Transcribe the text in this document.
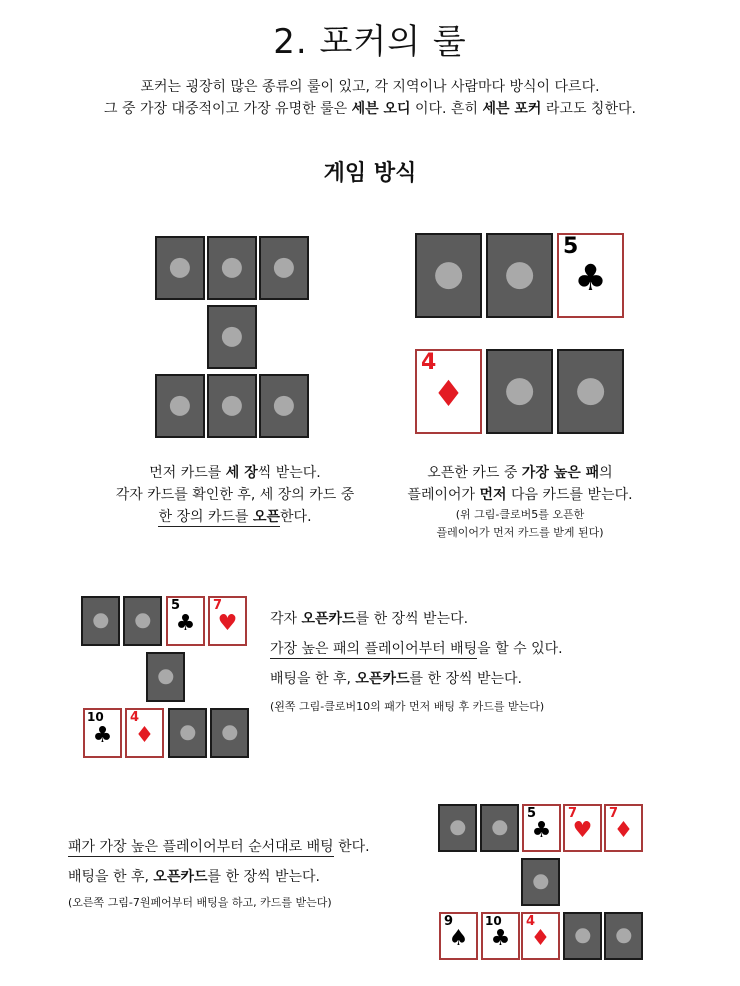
2. 포커의 룰
포커는 굉장히 많은 종류의 룰이 있고, 각 지역이나 사람마다 방식이 다르다.
그 중 가장 대중적이고 가장 유명한 룰은 세븐 오디 이다. 흔히 세븐 포커 라고도 칭한다.
게임 방식
5
♣
4
♦
먼저 카드를 세 장씩 받는다.
각자 카드를 확인한 후, 세 장의 카드 중
한 장의 카드를 오픈한다.
오픈한 카드 중 가장 높은 패의
플레이어가 먼저 다음 카드를 받는다.
(위 그림-클로버5를 오픈한
플레이어가 먼저 카드를 받게 된다)
5
♣
7
♥
10
♣
4
♦
각자 오픈카드를 한 장씩 받는다.
가장 높은 패의 플레이어부터 배팅을 할 수 있다.
배팅을 한 후, 오픈카드를 한 장씩 받는다.
(왼쪽 그림-클로버10의 패가 먼저 배팅 후 카드를 받는다)
패가 가장 높은 플레이어부터 순서대로 배팅 한다.
배팅을 한 후, 오픈카드를 한 장씩 받는다.
(오른쪽 그림-7원페어부터 배팅을 하고, 카드를 받는다)
5
♣
7
♥
7
♦
9
♠
10
♣
4
♦
